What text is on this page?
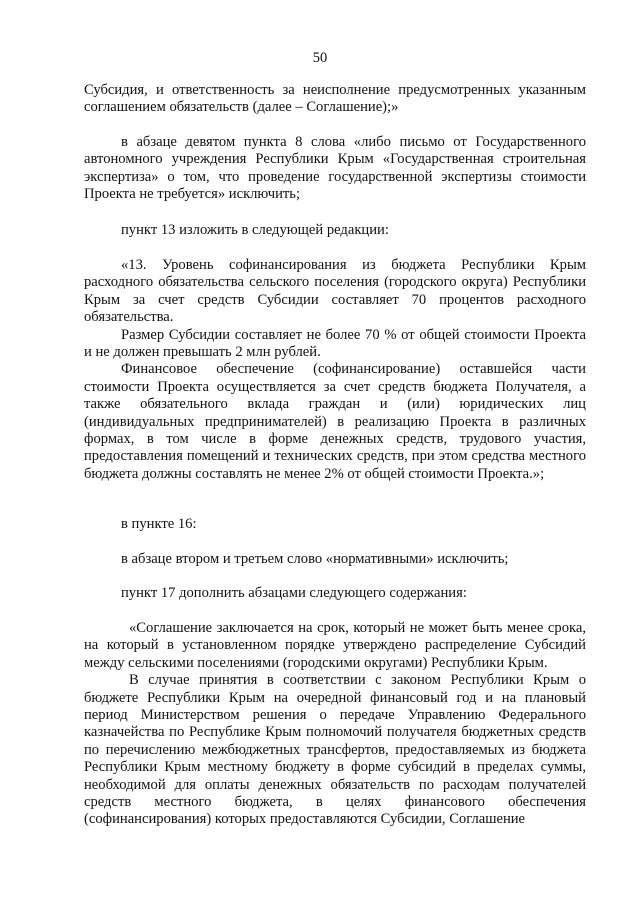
50

Субсидия, и ответственность за неисполнение предусмотренных указанным соглашением обязательств (далее – Соглашение);»

в абзаце девятом пункта 8 слова «либо письмо от Государственного автономного учреждения Республики Крым «Государственная строительная экспертиза» о том, что проведение государственной экспертизы стоимости Проекта не требуется» исключить;

пункт 13 изложить в следующей редакции:

«13. Уровень софинансирования из бюджета Республики Крым расходного обязательства сельского поселения (городского округа) Республики Крым за счет средств Субсидии составляет 70 процентов расходного обязательства.

Размер Субсидии составляет не более 70 % от общей стоимости Проекта и не должен превышать 2 млн рублей.

Финансовое обеспечение (софинансирование) оставшейся части стоимости Проекта осуществляется за счет средств бюджета Получателя, а также обязательного вклада граждан и (или) юридических лиц (индивидуальных предпринимателей) в реализацию Проекта в различных формах, в том числе в форме денежных средств, трудового участия, предоставления помещений и технических средств, при этом средства местного бюджета должны составлять не менее 2% от общей стоимости Проекта.»;

в пункте 16:

в абзаце втором и третьем слово «нормативными» исключить;

пункт 17 дополнить абзацами следующего содержания:

«Соглашение заключается на срок, который не может быть менее срока, на который в установленном порядке утверждено распределение Субсидий между сельскими поселениями (городскими округами) Республики Крым.

В случае принятия в соответствии с законом Республики Крым о бюджете Республики Крым на очередной финансовый год и на плановый период Министерством решения о передаче Управлению Федерального казначейства по Республике Крым полномочий получателя бюджетных средств по перечислению межбюджетных трансфертов, предоставляемых из бюджета Республики Крым местному бюджету в форме субсидий в пределах суммы, необходимой для оплаты денежных обязательств по расходам получателей средств местного бюджета, в целях финансового обеспечения (софинансирования) которых предоставляются Субсидии, Соглашение
